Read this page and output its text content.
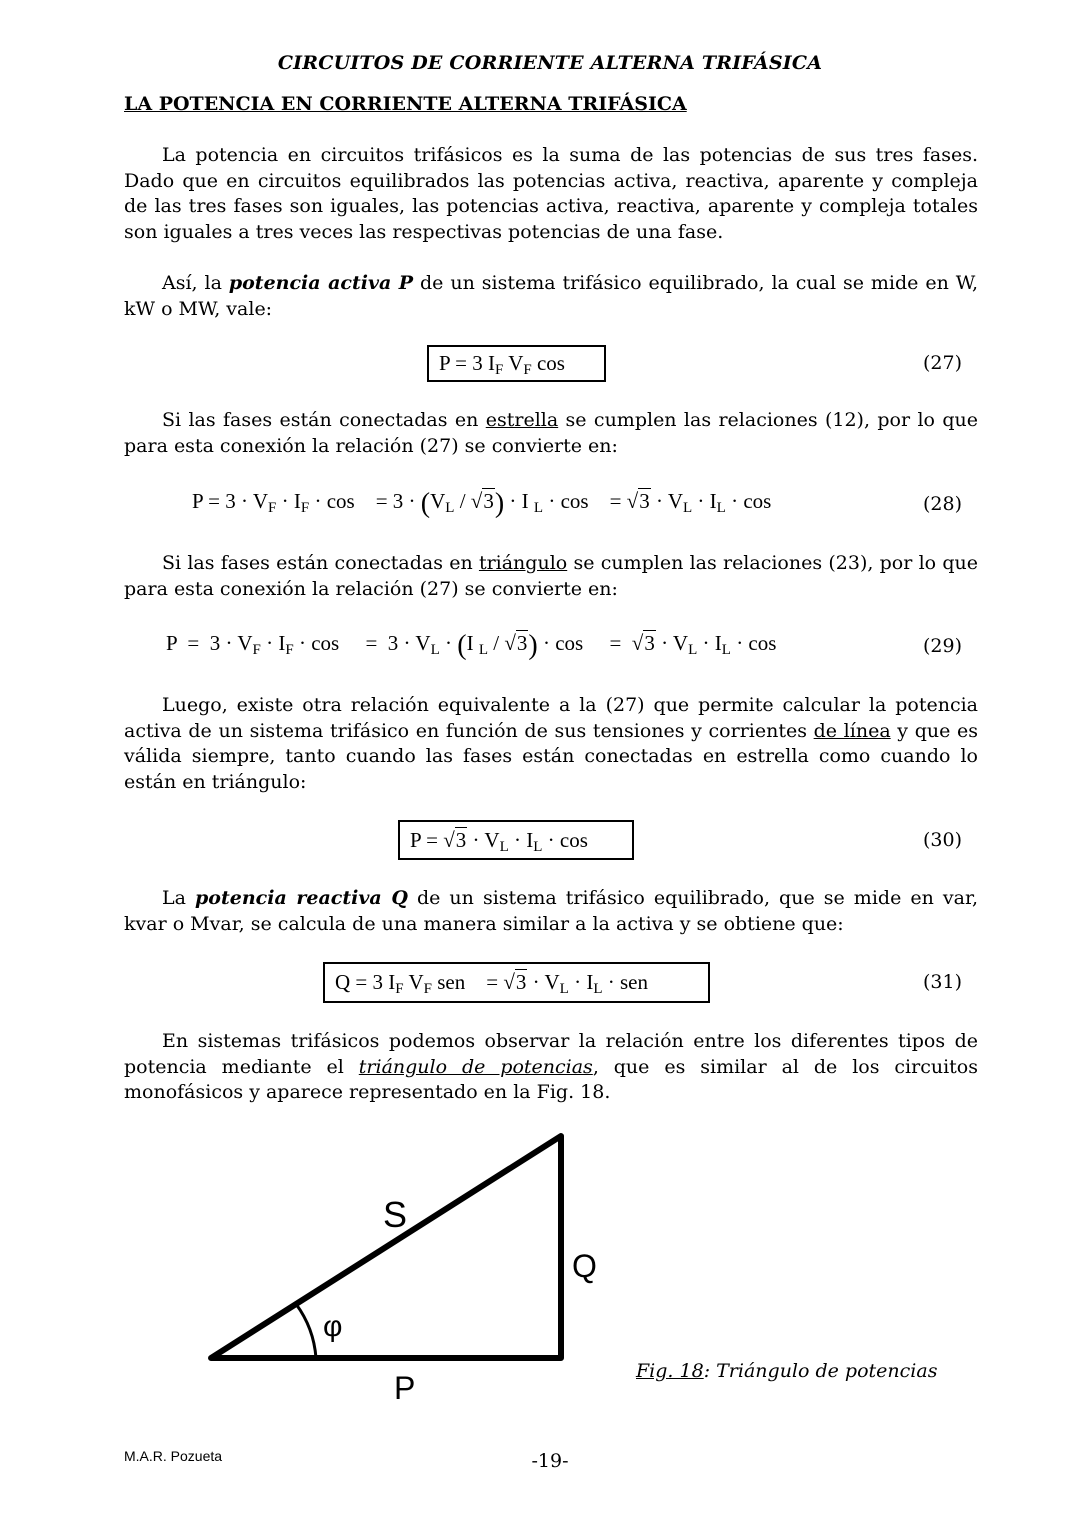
CIRCUITOS DE CORRIENTE ALTERNA TRIFÁSICA
LA POTENCIA EN CORRIENTE ALTERNA TRIFÁSICA
La potencia en circuitos trifásicos es la suma de las potencias de sus tres fases. Dado que en circuitos equilibrados las potencias activa, reactiva, aparente y compleja de las tres fases son iguales, las potencias activa, reactiva, aparente y compleja totales son iguales a tres veces las respectivas potencias de una fase.
Así, la potencia activa P de un sistema trifásico equilibrado, la cual se mide en W, kW o MW, vale:
P = 3 $I_F$ $V_F$ cos	(27)
Si las fases están conectadas en estrella se cumplen las relaciones (12), por lo que para esta conexión la relación (27) se convierte en:
$P = 3 \cdot V_F \cdot I_F \cdot \cos$    = $3 \cdot (V_L / √3) \cdot I$ $_L$ · cos    = $√3 \cdot V_L \cdot I_L \cdot \cos$	(28)
Si las fases están conectadas en triángulo se cumplen las relaciones (23), por lo que para esta conexión la relación (27) se convierte en:
$P = 3 \cdot V_F \cdot I_F \cdot \cos$     =  $3 \cdot V_L \cdot (I$ $_L$ / √3) · cos     =  $√3 \cdot V_L \cdot I_L \cdot \cos$	(29)
Luego, existe otra relación equivalente a la (27) que permite calcular la potencia activa de un sistema trifásico en función de sus tensiones y corrientes de línea y que es válida siempre, tanto cuando las fases están conectadas en estrella como cuando lo están en triángulo:
$P = √3 \cdot V_L \cdot I_L \cdot \cos$	(30)
La potencia reactiva Q de un sistema trifásico equilibrado, que se mide en var, kvar o Mvar, se calcula de una manera similar a la activa y se obtiene que:
Q = 3 $I_F$ $V_F$ sen    = $√3 \cdot V_L \cdot I_L$ · sen	(31)
En sistemas trifásicos podemos observar la relación entre los diferentes tipos de potencia mediante el triángulo de potencias, que es similar al de los circuitos monofásicos y aparece representado en la Fig. 18.
S
Q
P
φ
Fig. 18: Triángulo de potencias
M.A.R. Pozueta	-19-
